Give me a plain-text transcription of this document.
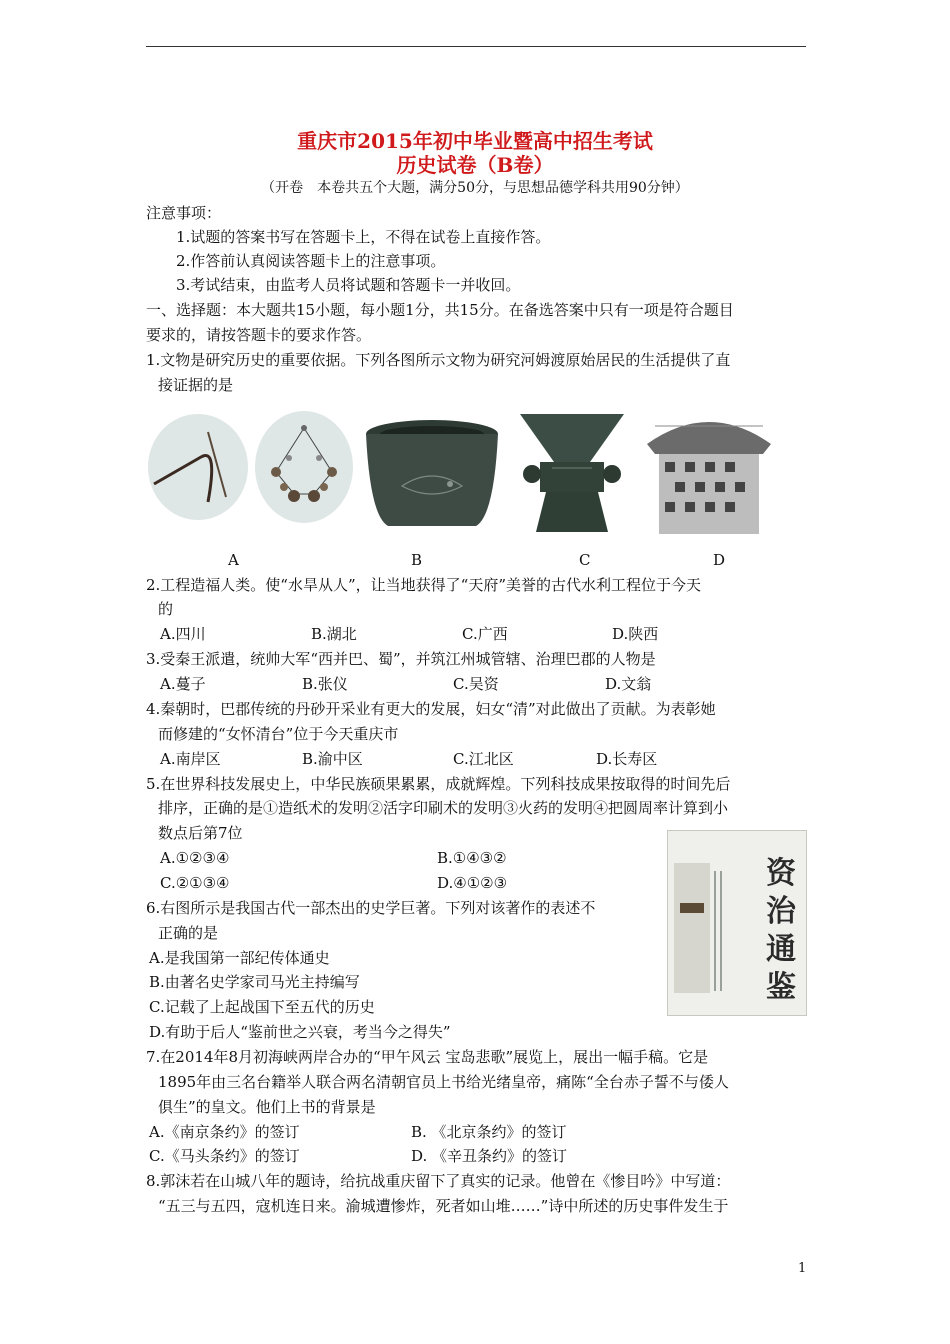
重庆市2015年初中毕业暨高中招生考试
历史试卷（B卷）
（开卷　本卷共五个大题，满分50分，与思想品德学科共用90分钟）
注意事项：
1.试题的答案书写在答题卡上，不得在试卷上直接作答。
2.作答前认真阅读答题卡上的注意事项。
3.考试结束，由监考人员将试题和答题卡一并收回。
一、选择题：本大题共15小题，每小题1分，共15分。在备选答案中只有一项是符合题目
要求的，请按答题卡的要求作答。
1.文物是研究历史的重要依据。下列各图所示文物为研究河姆渡原始居民的生活提供了直
接证据的是
A	B	C	D
2.工程造福人类。使“水旱从人”，让当地获得了“天府”美誉的古代水利工程位于今天
的
A.四川	B.湖北	C.广西	D.陕西
3.受秦王派遣，统帅大军“西并巴、蜀”，并筑江州城管辖、治理巴郡的人物是
A.蔓子	B.张仪	C.吴资	D.文翁
4.秦朝时，巴郡传统的丹砂开采业有更大的发展，妇女“清”对此做出了贡献。为表彰她
而修建的“女怀清台”位于今天重庆市
A.南岸区	B.渝中区	C.江北区	D.长寿区
5.在世界科技发展史上，中华民族硕果累累，成就辉煌。下列科技成果按取得的时间先后
排序，正确的是①造纸术的发明②活字印刷术的发明③火药的发明④把圆周率计算到小
数点后第7位
A.①②③④	B.①④③②
C.②①③④	D.④①②③	资治通鉴
6.右图所示是我国古代一部杰出的史学巨著。下列对该著作的表述不
正确的是
A.是我国第一部纪传体通史
B.由著名史学家司马光主持编写
C.记载了上起战国下至五代的历史
D.有助于后人“鉴前世之兴衰，考当今之得失”
7.在2014年8月初海峡两岸合办的“甲午风云 宝岛悲歌”展览上，展出一幅手稿。它是
1895年由三名台籍举人联合两名清朝官员上书给光绪皇帝，痛陈“全台赤子誓不与倭人
俱生”的皇文。他们上书的背景是
A.《南京条约》的签订	B. 《北京条约》的签订
C.《马头条约》的签订	D. 《辛丑条约》的签订
8.郭沫若在山城八年的题诗，给抗战重庆留下了真实的记录。他曾在《惨目吟》中写道：
“五三与五四，寇机连日来。渝城遭惨炸，死者如山堆……”诗中所述的历史事件发生于
1
